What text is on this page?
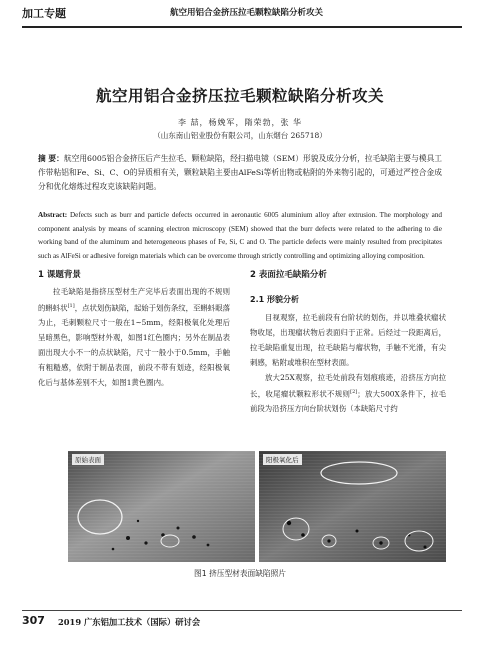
加工专题	航空用铝合金挤压拉毛颗粒缺陷分析攻关
航空用铝合金挤压拉毛颗粒缺陷分析攻关
李 喆，杨娩军，隋荣勃，张 华
（山东南山铝业股份有限公司，山东烟台 265718）
摘 要：航空用6005铝合金挤压后产生拉毛、颗粒缺陷，经扫描电镜（SEM）形貌及成分分析，拉毛缺陷主要与模具工作带粘铝和Fe、Si、C、O的异质相有关，颗粒缺陷主要由AlFeSi等析出物或粘附的外来物引起的，可通过严控合金成分和优化熔炼过程攻克该缺陷问题。
Abstract: Defects such as burr and particle defects occurred in aeronautic 6005 aluminium alloy after extrusion. The morphology and component analysis by means of scanning electron microscopy (SEM) showed that the burr defects were related to the adhering to die working band of the aluminum and heterogeneous phases of Fe, Si, C and O. The particle defects were mainly resulted from precipitates such as AlFeSi or adhesive foreign materials which can be overcome through strictly controlling and optimizing alloying composition.
1 课题背景
拉毛缺陷是指挤压型材生产完毕后表面出现的不规则的蝌蚪状[1]，点状划伤缺陷，起始于划伤条纹，至蝌蚪眼落为止，毛刺颗粒尺寸一般在1~5mm，经阳极氧化处理后呈暗黑色，影响型材外观，如图1红色圈内；另外在制品表面出现大小不一的点状缺陷，尺寸一般小于0.5mm，手触有粗糙感，依附于制品表面，前段不带有划迹，经阳极氧化后与基体差别不大，如图1黄色圈内。
2 表面拉毛缺陷分析
2.1 形貌分析
目视观察，拉毛前段有台阶状的划伤，并以堆叠状瘤状物收尾，出现瘤状物后表面归于正常。后经过一段距离后，拉毛缺陷重复出现，拉毛缺陷与瘤状物，手触不光滑，有尖刺感，粘附或堆积在型材表面。
放大25X观察，拉毛处前段有划痕痕迹，沿挤压方向拉长，收尾瘤状颗粒形状不规则[2]；放大500X条件下，拉毛前段为沿挤压方向台阶状划伤（本缺陷尺寸约
原始表面	阳极氧化后
图1 挤压型材表面缺陷照片
307 2019 广东铝加工技术（国际）研讨会
